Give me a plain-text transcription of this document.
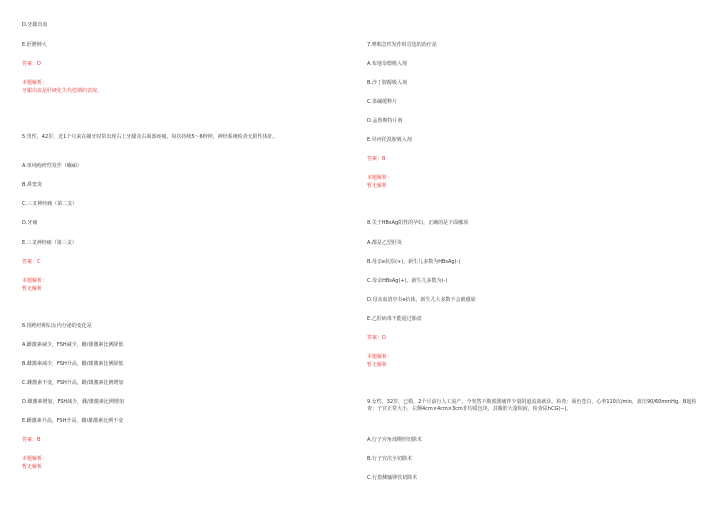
D.牙龈出血
E.肝脾肿大
答案：D
本题解析：
牙龈出血是肝硬化失代偿期的表现。
5.男性，42岁，近1个月来在刷牙时常出现右上牙龈及右面部疼痛，每次持续5～6秒钟，神经系统检查无阳性体征。
A.单纯疱疹性发作（癫痫）
B.鼻窦炎
C.三叉神经痛（第二支）
D.牙痛
E.三叉神经痛（第三支）
答案：C
本题解析：
暂无解析
6.围绝经期妇女内分泌的变化是
A.雌激素减少，FSH减少，雌/雄激素比例降低
B.雌激素减少，FSH升高，雌/雄激素比例降低
C.雌激素不变，FSH升高，雌/雄激素比例增加
D.雌激素增加，FSH减少，雌/雄激素比例增加
E.雌激素升高，FSH升高，雌/雄激素比例不变
答案：B
本题解析：
暂无解析
7.哮喘急性发作时首选的治疗是
A.布地奈德吸入剂
B.沙丁胺醇吸入剂
C.茶碱缓释片
D.孟鲁斯特片剂
E.异丙托溴胺吸入剂
答案：B
本题解析：
暂无解析
8.关于HBsAg阳性的孕妇，正确的是下面哪项
A.都是乙型肝炎
B.母亲e抗原(+)，新生儿多数为HBsAg(-)
C.母亲HBsAg(+)，新生儿多数为(-)
D.母亲血清中有e抗体，新生儿大多数不会被感染
E.乙肝病毒不能通过胎盘
答案：D
本题解析：
暂无解析
9.女性，32岁，已婚，2个月前行人工流产，今突然下腹部剧痛伴少量阴道流血就诊。检查：面色苍白，心率110次/min，血压90/60mmHg，B超检查：子宫正常大小，左侧4cm×4cm×3cm非均质包块，其腹腔大量积液，检查尿hCG(−)。
A.行子宫角部楔形切除术
B.行子宫次全切除术
C.行患侧输卵管切除术
